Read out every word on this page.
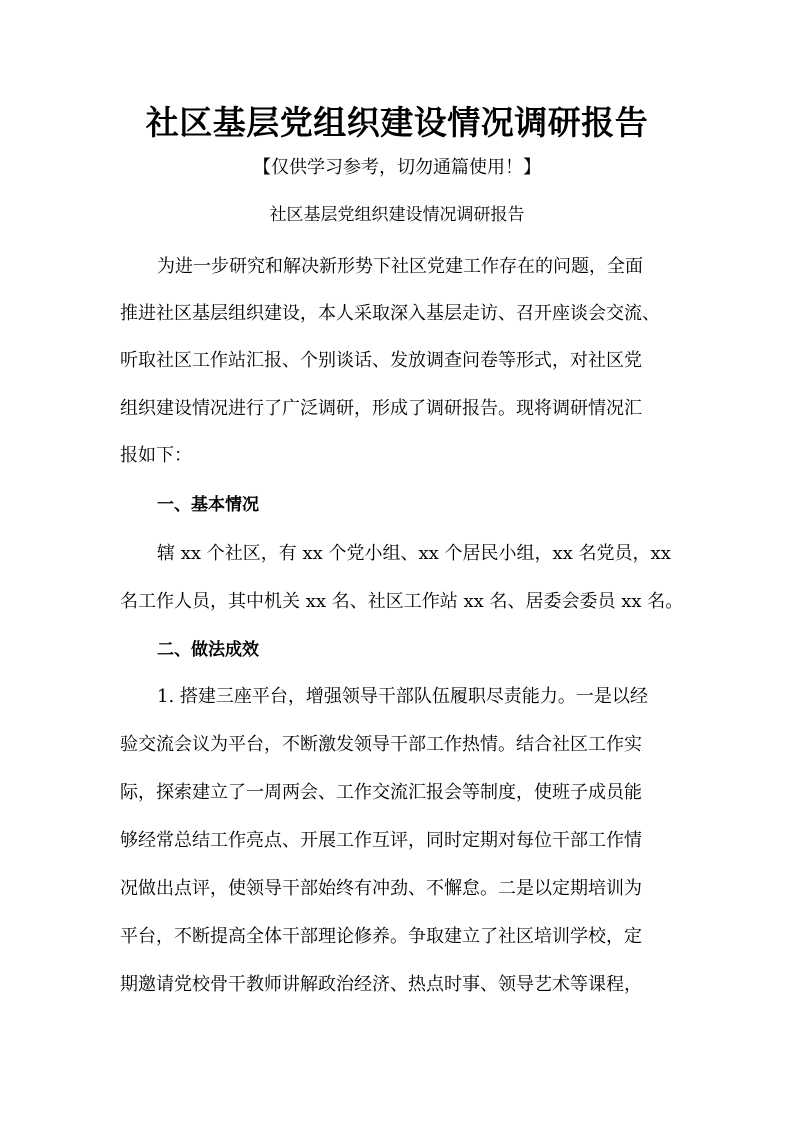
社区基层党组织建设情况调研报告
【仅供学习参考，切勿通篇使用！】
社区基层党组织建设情况调研报告
为进一步研究和解决新形势下社区党建工作存在的问题，全面
推进社区基层组织建设，本人采取深入基层走访、召开座谈会交流、
听取社区工作站汇报、个别谈话、发放调查问卷等形式，对社区党
组织建设情况进行了广泛调研，形成了调研报告。现将调研情况汇
报如下：
一、基本情况
辖 xx 个社区，有 xx 个党小组、xx 个居民小组，xx 名党员，xx
名工作人员，其中机关 xx 名、社区工作站 xx 名、居委会委员 xx 名。
二、做法成效
1. 搭建三座平台，增强领导干部队伍履职尽责能力。一是以经
验交流会议为平台，不断激发领导干部工作热情。结合社区工作实
际，探索建立了一周两会、工作交流汇报会等制度，使班子成员能
够经常总结工作亮点、开展工作互评，同时定期对每位干部工作情
况做出点评，使领导干部始终有冲劲、不懈怠。二是以定期培训为
平台，不断提高全体干部理论修养。争取建立了社区培训学校，定
期邀请党校骨干教师讲解政治经济、热点时事、领导艺术等课程，
